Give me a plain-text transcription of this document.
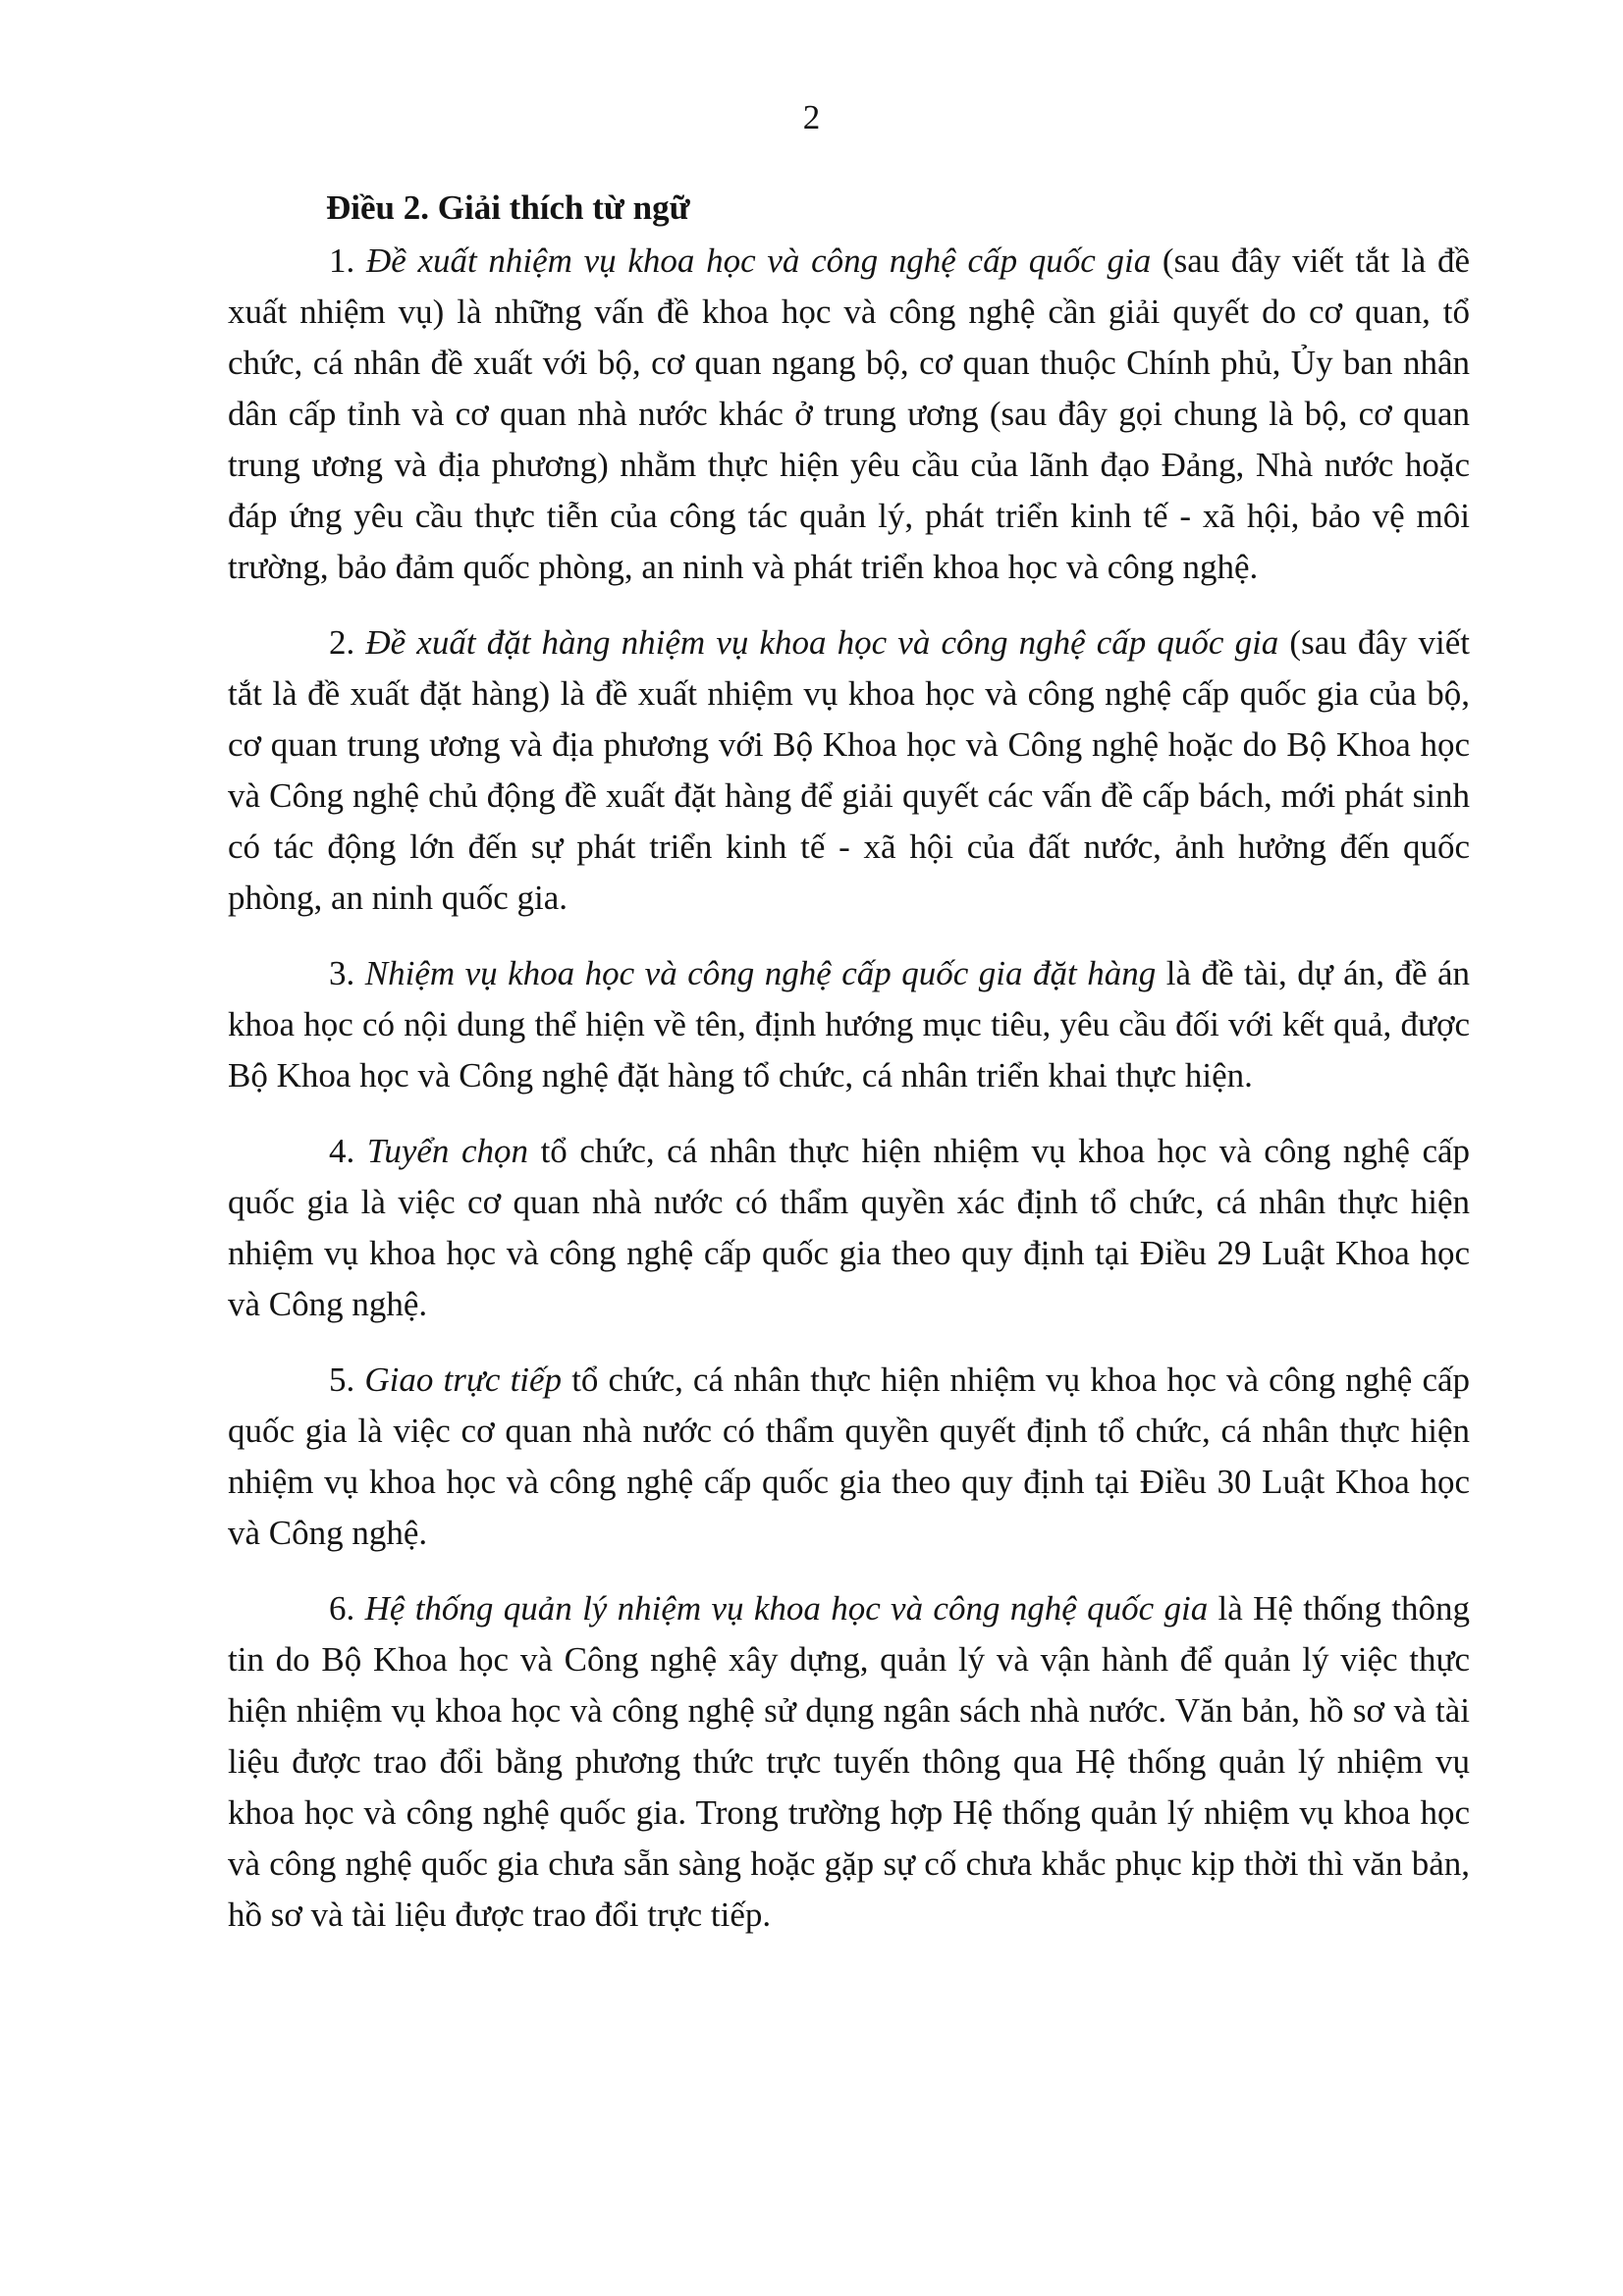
2
Điều 2. Giải thích từ ngữ

1. Đề xuất nhiệm vụ khoa học và công nghệ cấp quốc gia (sau đây viết tắt là đề xuất nhiệm vụ) là những vấn đề khoa học và công nghệ cần giải quyết do cơ quan, tổ chức, cá nhân đề xuất với bộ, cơ quan ngang bộ, cơ quan thuộc Chính phủ, Ủy ban nhân dân cấp tỉnh và cơ quan nhà nước khác ở trung ương (sau đây gọi chung là bộ, cơ quan trung ương và địa phương) nhằm thực hiện yêu cầu của lãnh đạo Đảng, Nhà nước hoặc đáp ứng yêu cầu thực tiễn của công tác quản lý, phát triển kinh tế - xã hội, bảo vệ môi trường, bảo đảm quốc phòng, an ninh và phát triển khoa học và công nghệ.

2. Đề xuất đặt hàng nhiệm vụ khoa học và công nghệ cấp quốc gia (sau đây viết tắt là đề xuất đặt hàng) là đề xuất nhiệm vụ khoa học và công nghệ cấp quốc gia của bộ, cơ quan trung ương và địa phương với Bộ Khoa học và Công nghệ hoặc do Bộ Khoa học và Công nghệ chủ động đề xuất đặt hàng để giải quyết các vấn đề cấp bách, mới phát sinh có tác động lớn đến sự phát triển kinh tế - xã hội của đất nước, ảnh hưởng đến quốc phòng, an ninh quốc gia.

3. Nhiệm vụ khoa học và công nghệ cấp quốc gia đặt hàng là đề tài, dự án, đề án khoa học có nội dung thể hiện về tên, định hướng mục tiêu, yêu cầu đối với kết quả, được Bộ Khoa học và Công nghệ đặt hàng tổ chức, cá nhân triển khai thực hiện.

4. Tuyển chọn tổ chức, cá nhân thực hiện nhiệm vụ khoa học và công nghệ cấp quốc gia là việc cơ quan nhà nước có thẩm quyền xác định tổ chức, cá nhân thực hiện nhiệm vụ khoa học và công nghệ cấp quốc gia theo quy định tại Điều 29 Luật Khoa học và Công nghệ.

5. Giao trực tiếp tổ chức, cá nhân thực hiện nhiệm vụ khoa học và công nghệ cấp quốc gia là việc cơ quan nhà nước có thẩm quyền quyết định tổ chức, cá nhân thực hiện nhiệm vụ khoa học và công nghệ cấp quốc gia theo quy định tại Điều 30 Luật Khoa học và Công nghệ.

6. Hệ thống quản lý nhiệm vụ khoa học và công nghệ quốc gia là Hệ thống thông tin do Bộ Khoa học và Công nghệ xây dựng, quản lý và vận hành để quản lý việc thực hiện nhiệm vụ khoa học và công nghệ sử dụng ngân sách nhà nước. Văn bản, hồ sơ và tài liệu được trao đổi bằng phương thức trực tuyến thông qua Hệ thống quản lý nhiệm vụ khoa học và công nghệ quốc gia. Trong trường hợp Hệ thống quản lý nhiệm vụ khoa học và công nghệ quốc gia chưa sẵn sàng hoặc gặp sự cố chưa khắc phục kịp thời thì văn bản, hồ sơ và tài liệu được trao đổi trực tiếp.
